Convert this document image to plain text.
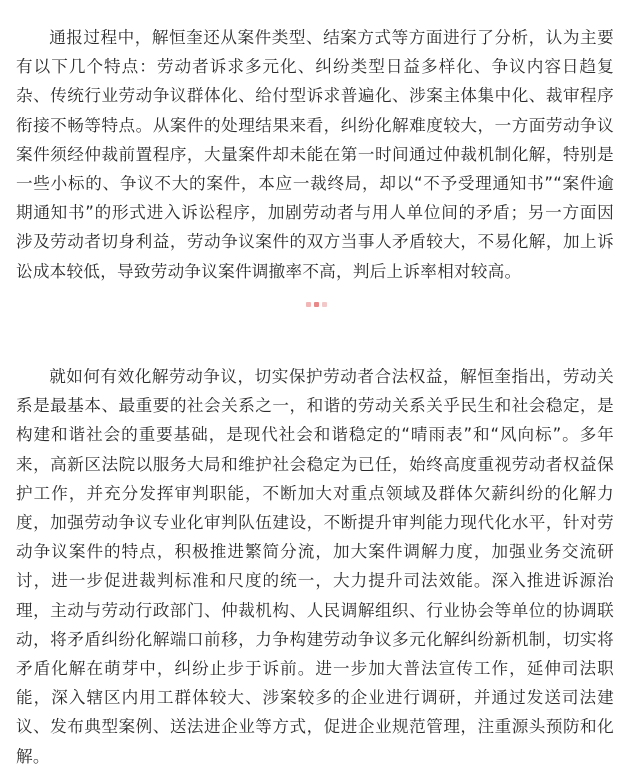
通报过程中，解恒奎还从案件类型、结案方式等方面进行了分析，认为主要有以下几个特点：劳动者诉求多元化、纠纷类型日益多样化、争议内容日趋复杂、传统行业劳动争议群体化、给付型诉求普遍化、涉案主体集中化、裁审程序衔接不畅等特点。从案件的处理结果来看，纠纷化解难度较大，一方面劳动争议案件须经仲裁前置程序，大量案件却未能在第一时间通过仲裁机制化解，特别是一些小标的、争议不大的案件，本应一裁终局，却以“不予受理通知书”“案件逾期通知书”的形式进入诉讼程序，加剧劳动者与用人单位间的矛盾；另一方面因涉及劳动者切身利益，劳动争议案件的双方当事人矛盾较大，不易化解，加上诉讼成本较低，导致劳动争议案件调撤率不高，判后上诉率相对较高。

就如何有效化解劳动争议，切实保护劳动者合法权益，解恒奎指出，劳动关系是最基本、最重要的社会关系之一，和谐的劳动关系关乎民生和社会稳定，是构建和谐社会的重要基础，是现代社会和谐稳定的“晴雨表”和“风向标”。多年来，高新区法院以服务大局和维护社会稳定为已任，始终高度重视劳动者权益保护工作，并充分发挥审判职能，不断加大对重点领域及群体欠薪纠纷的化解力度，加强劳动争议专业化审判队伍建设，不断提升审判能力现代化水平，针对劳动争议案件的特点，积极推进繁简分流，加大案件调解力度，加强业务交流研讨，进一步促进裁判标准和尺度的统一，大力提升司法效能。深入推进诉源治理，主动与劳动行政部门、仲裁机构、人民调解组织、行业协会等单位的协调联动，将矛盾纠纷化解端口前移，力争构建劳动争议多元化解纠纷新机制，切实将矛盾化解在萌芽中，纠纷止步于诉前。进一步加大普法宣传工作，延伸司法职能，深入辖区内用工群体较大、涉案较多的企业进行调研，并通过发送司法建议、发布典型案例、送法进企业等方式，促进企业规范管理，注重源头预防和化解。
